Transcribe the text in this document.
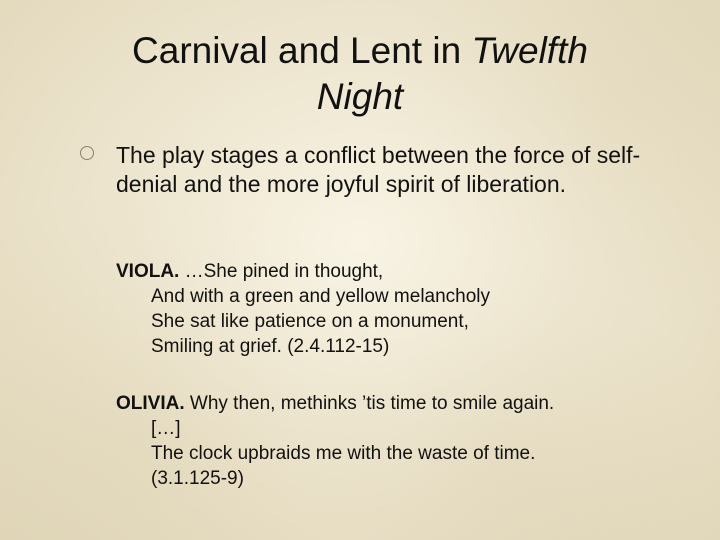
Carnival and Lent in Twelfth
Night
The play stages a conflict between the force of self-denial and the more joyful spirit of liberation.
VIOLA. …She pined in thought,
And with a green and yellow melancholy
She sat like patience on a monument,
Smiling at grief. (2.4.112-15)
OLIVIA. Why then, methinks ’tis time to smile again.
[…]
The clock upbraids me with the waste of time.
(3.1.125-9)
